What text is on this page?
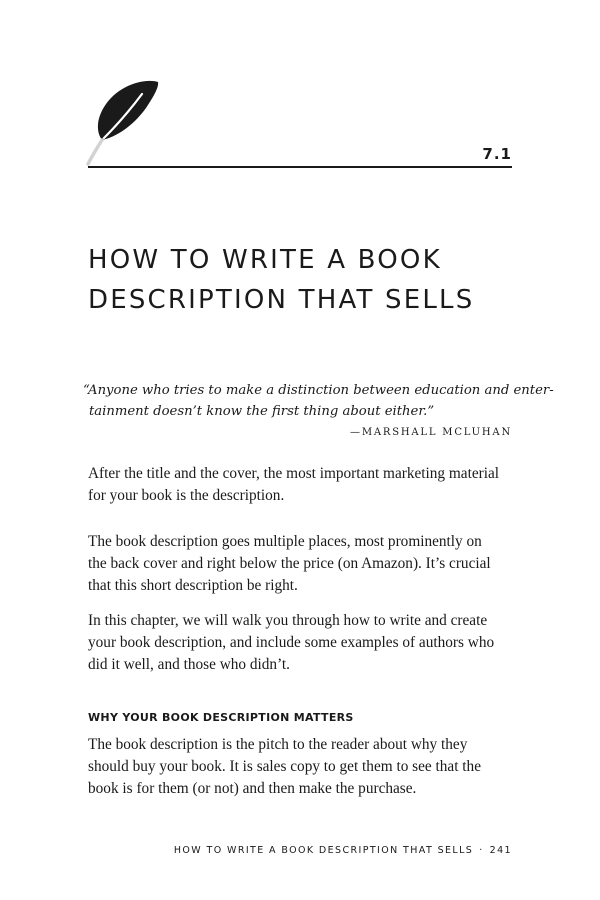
7.1
HOW TO WRITE A BOOK
DESCRIPTION THAT SELLS
“Anyone who tries to make a distinction between education and enter-
tainment doesn’t know the first thing about either.”
—MARSHALL MCLUHAN

After the title and the cover, the most important marketing material
for your book is the description.

The book description goes multiple places, most prominently on
the back cover and right below the price (on Amazon). It’s crucial
that this short description be right.

In this chapter, we will walk you through how to write and create
your book description, and include some examples of authors who
did it well, and those who didn’t.

WHY YOUR BOOK DESCRIPTION MATTERS

The book description is the pitch to the reader about why they
should buy your book. It is sales copy to get them to see that the
book is for them (or not) and then make the purchase.

HOW TO WRITE A BOOK DESCRIPTION THAT SELLS · 241
